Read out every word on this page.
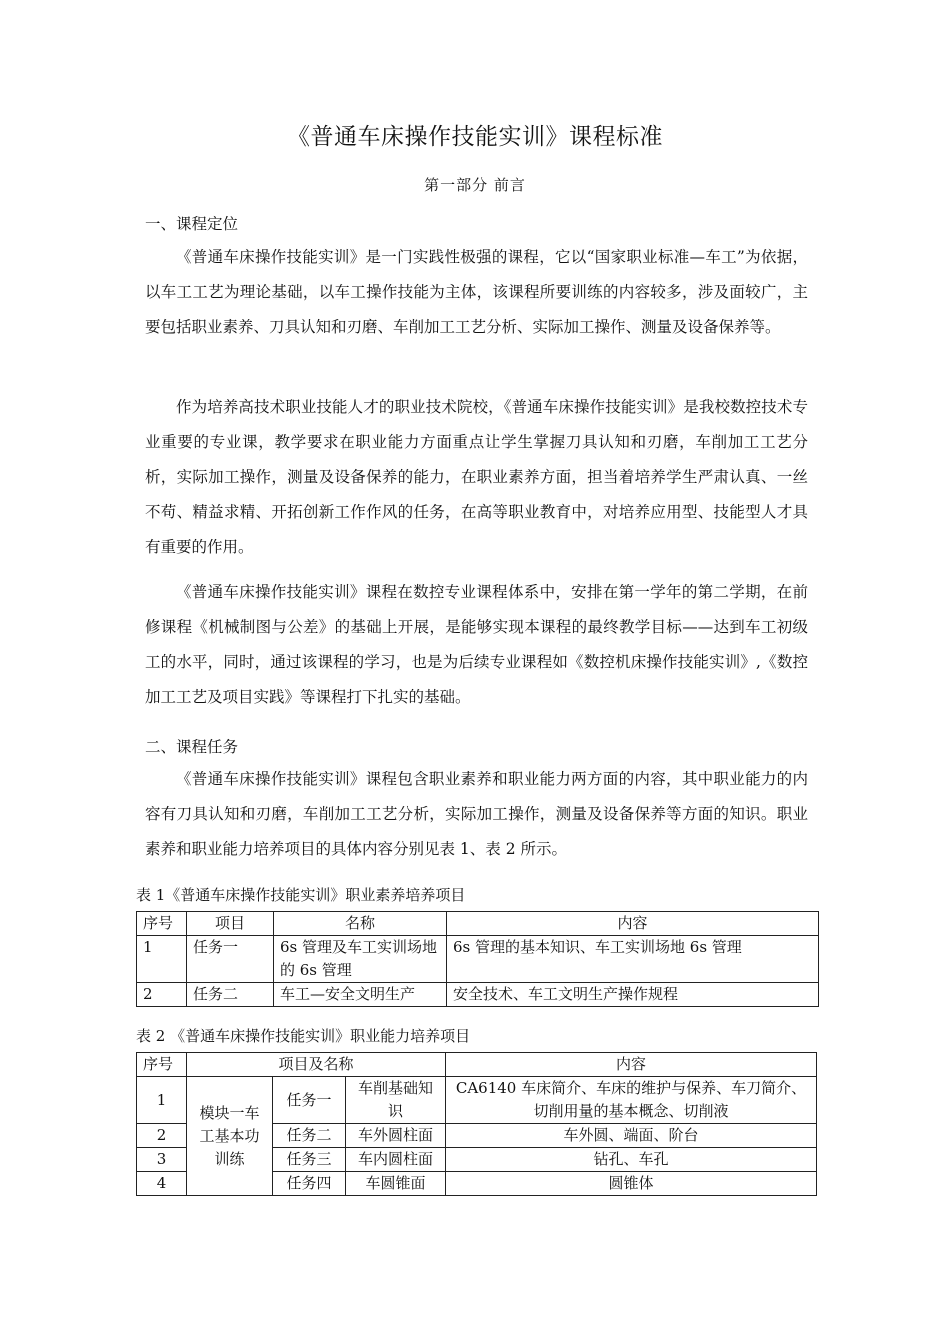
《普通车床操作技能实训》课程标准
第一部分 前言
一、课程定位
《普通车床操作技能实训》是一门实践性极强的课程，它以“国家职业标准—车工”为依据，以车工工艺为理论基础，以车工操作技能为主体，该课程所要训练的内容较多，涉及面较广，主要包括职业素养、刀具认知和刃磨、车削加工工艺分析、实际加工操作、测量及设备保养等。
作为培养高技术职业技能人才的职业技术院校，《普通车床操作技能实训》是我校数控技术专业重要的专业课，教学要求在职业能力方面重点让学生掌握刀具认知和刃磨，车削加工工艺分析，实际加工操作，测量及设备保养的能力，在职业素养方面，担当着培养学生严肃认真、一丝不苟、精益求精、开拓创新工作作风的任务，在高等职业教育中，对培养应用型、技能型人才具有重要的作用。
《普通车床操作技能实训》课程在数控专业课程体系中，安排在第一学年的第二学期，在前修课程《机械制图与公差》的基础上开展，是能够实现本课程的最终教学目标——达到车工初级工的水平，同时，通过该课程的学习，也是为后续专业课程如《数控机床操作技能实训》,《数控加工工艺及项目实践》等课程打下扎实的基础。
二、课程任务
《普通车床操作技能实训》课程包含职业素养和职业能力两方面的内容，其中职业能力的内容有刀具认知和刃磨，车削加工工艺分析，实际加工操作，测量及设备保养等方面的知识。职业素养和职业能力培养项目的具体内容分别见表 1、表 2 所示。
表 1《普通车床操作技能实训》职业素养培养项目
序号	项目	名称	内容
1	任务一	6s 管理及车工实训场地的 6s 管理	6s 管理的基本知识、车工实训场地 6s 管理
2	任务二	车工—安全文明生产	安全技术、车工文明生产操作规程
表 2 《普通车床操作技能实训》职业能力培养项目
序号	项目及名称			内容
1	模块一车工基本功训练	任务一	车削基础知识	CA6140 车床简介、车床的维护与保养、车刀简介、切削用量的基本概念、切削液
2		任务二	车外圆柱面	车外圆、端面、阶台
3		任务三	车内圆柱面	钻孔、车孔
4		任务四	车圆锥面	圆锥体
